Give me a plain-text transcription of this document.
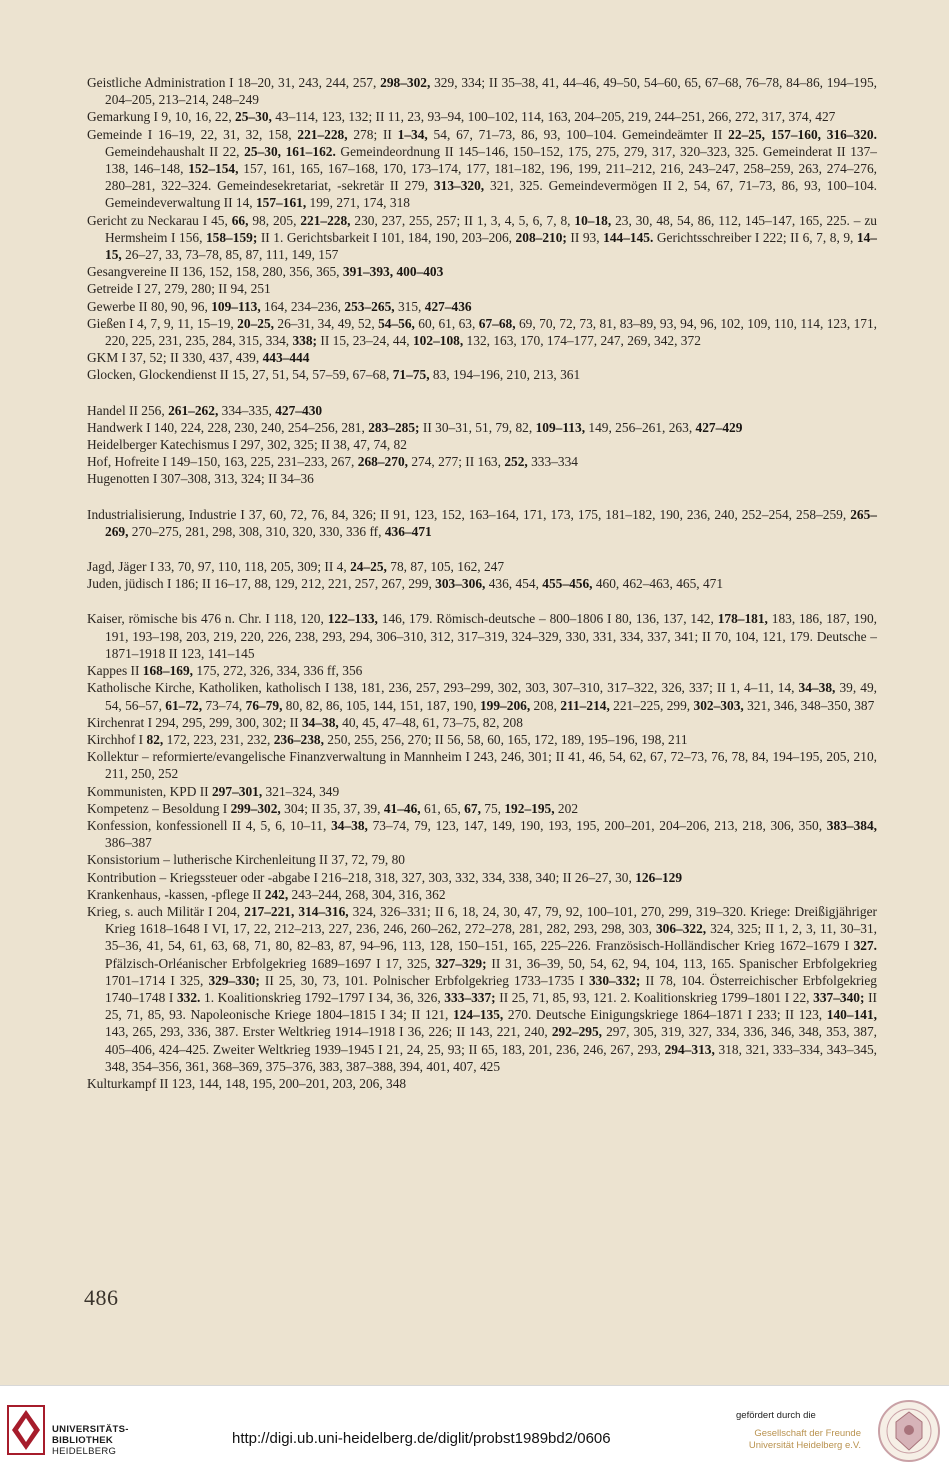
Geistliche Administration I 18–20, 31, 243, 244, 257, 298–302, 329, 334; II 35–38, 41, 44–46, 49–50, 54–60, 65, 67–68, 76–78, 84–86, 194–195, 204–205, 213–214, 248–249
Gemarkung I 9, 10, 16, 22, 25–30, 43–114, 123, 132; II 11, 23, 93–94, 100–102, 114, 163, 204–205, 219, 244–251, 266, 272, 317, 374, 427
Gemeinde I 16–19, 22, 31, 32, 158, 221–228, 278; II 1–34, 54, 67, 71–73, 86, 93, 100–104. Gemeindeämter II 22–25, 157–160, 316–320. Gemeindehaushalt II 22, 25–30, 161–162. Gemeindeordnung II 145–146, 150–152, 175, 275, 279, 317, 320–323, 325. Gemeinderat II 137–138, 146–148, 152–154, 157, 161, 165, 167–168, 170, 173–174, 177, 181–182, 196, 199, 211–212, 216, 243–247, 258–259, 263, 274–276, 280–281, 322–324. Gemeindesekretariat, -sekretär II 279, 313–320, 321, 325. Gemeindevermögen II 2, 54, 67, 71–73, 86, 93, 100–104. Gemeindeverwaltung II 14, 157–161, 199, 271, 174, 318
Gericht zu Neckarau I 45, 66, 98, 205, 221–228, 230, 237, 255, 257; II 1, 3, 4, 5, 6, 7, 8, 10–18, 23, 30, 48, 54, 86, 112, 145–147, 165, 225. – zu Hermsheim I 156, 158–159; II 1. Gerichtsbarkeit I 101, 184, 190, 203–206, 208–210; II 93, 144–145. Gerichtsschreiber I 222; II 6, 7, 8, 9, 14–15, 26–27, 33, 73–78, 85, 87, 111, 149, 157
Gesangvereine II 136, 152, 158, 280, 356, 365, 391–393, 400–403
Getreide I 27, 279, 280; II 94, 251
Gewerbe II 80, 90, 96, 109–113, 164, 234–236, 253–265, 315, 427–436
Gießen I 4, 7, 9, 11, 15–19, 20–25, 26–31, 34, 49, 52, 54–56, 60, 61, 63, 67–68, 69, 70, 72, 73, 81, 83–89, 93, 94, 96, 102, 109, 110, 114, 123, 171, 220, 225, 231, 235, 284, 315, 334, 338; II 15, 23–24, 44, 102–108, 132, 163, 170, 174–177, 247, 269, 342, 372
GKM I 37, 52; II 330, 437, 439, 443–444
Glocken, Glockendienst II 15, 27, 51, 54, 57–59, 67–68, 71–75, 83, 194–196, 210, 213, 361
Handel II 256, 261–262, 334–335, 427–430
Handwerk I 140, 224, 228, 230, 240, 254–256, 281, 283–285; II 30–31, 51, 79, 82, 109–113, 149, 256–261, 263, 427–429
Heidelberger Katechismus I 297, 302, 325; II 38, 47, 74, 82
Hof, Hofreite I 149–150, 163, 225, 231–233, 267, 268–270, 274, 277; II 163, 252, 333–334
Hugenotten I 307–308, 313, 324; II 34–36
Industrialisierung, Industrie I 37, 60, 72, 76, 84, 326; II 91, 123, 152, 163–164, 171, 173, 175, 181–182, 190, 236, 240, 252–254, 258–259, 265–269, 270–275, 281, 298, 308, 310, 320, 330, 336 ff, 436–471
Jagd, Jäger I 33, 70, 97, 110, 118, 205, 309; II 4, 24–25, 78, 87, 105, 162, 247
Juden, jüdisch I 186; II 16–17, 88, 129, 212, 221, 257, 267, 299, 303–306, 436, 454, 455–456, 460, 462–463, 465, 471
Kaiser, römische bis 476 n. Chr. I 118, 120, 122–133, 146, 179. Römisch-deutsche – 800–1806 I 80, 136, 137, 142, 178–181, 183, 186, 187, 190, 191, 193–198, 203, 219, 220, 226, 238, 293, 294, 306–310, 312, 317–319, 324–329, 330, 331, 334, 337, 341; II 70, 104, 121, 179. Deutsche – 1871–1918 II 123, 141–145
Kappes II 168–169, 175, 272, 326, 334, 336 ff, 356
Katholische Kirche, Katholiken, katholisch I 138, 181, 236, 257, 293–299, 302, 303, 307–310, 317–322, 326, 337; II 1, 4–11, 14, 34–38, 39, 49, 54, 56–57, 61–72, 73–74, 76–79, 80, 82, 86, 105, 144, 151, 187, 190, 199–206, 208, 211–214, 221–225, 299, 302–303, 321, 346, 348–350, 387
Kirchenrat I 294, 295, 299, 300, 302; II 34–38, 40, 45, 47–48, 61, 73–75, 82, 208
Kirchhof I 82, 172, 223, 231, 232, 236–238, 250, 255, 256, 270; II 56, 58, 60, 165, 172, 189, 195–196, 198, 211
Kollektur – reformierte/evangelische Finanzverwaltung in Mannheim I 243, 246, 301; II 41, 46, 54, 62, 67, 72–73, 76, 78, 84, 194–195, 205, 210, 211, 250, 252
Kommunisten, KPD II 297–301, 321–324, 349
Kompetenz – Besoldung I 299–302, 304; II 35, 37, 39, 41–46, 61, 65, 67, 75, 192–195, 202
Konfession, konfessionell II 4, 5, 6, 10–11, 34–38, 73–74, 79, 123, 147, 149, 190, 193, 195, 200–201, 204–206, 213, 218, 306, 350, 383–384, 386–387
Konsistorium – lutherische Kirchenleitung II 37, 72, 79, 80
Kontribution – Kriegssteuer oder -abgabe I 216–218, 318, 327, 303, 332, 334, 338, 340; II 26–27, 30, 126–129
Krankenhaus, -kassen, -pflege II 242, 243–244, 268, 304, 316, 362
Krieg, s. auch Militär I 204, 217–221, 314–316, 324, 326–331; II 6, 18, 24, 30, 47, 79, 92, 100–101, 270, 299, 319–320. Kriege: Dreißigjähriger Krieg 1618–1648 I VI, 17, 22, 212–213, 227, 236, 246, 260–262, 272–278, 281, 282, 293, 298, 303, 306–322, 324, 325; II 1, 2, 3, 11, 30–31, 35–36, 41, 54, 61, 63, 68, 71, 80, 82–83, 87, 94–96, 113, 128, 150–151, 165, 225–226. Französisch-Holländischer Krieg 1672–1679 I 327. Pfälzisch-Orléanischer Erbfolgekrieg 1689–1697 I 17, 325, 327–329; II 31, 36–39, 50, 54, 62, 94, 104, 113, 165. Spanischer Erbfolgekrieg 1701–1714 I 325, 329–330; II 25, 30, 73, 101. Polnischer Erbfolgekrieg 1733–1735 I 330–332; II 78, 104. Österreichischer Erbfolgekrieg 1740–1748 I 332. 1. Koalitionskrieg 1792–1797 I 34, 36, 326, 333–337; II 25, 71, 85, 93, 121. 2. Koalitionskrieg 1799–1801 I 22, 337–340; II 25, 71, 85, 93. Napoleonische Kriege 1804–1815 I 34; II 121, 124–135, 270. Deutsche Einigungskriege 1864–1871 I 233; II 123, 140–141, 143, 265, 293, 336, 387. Erster Weltkrieg 1914–1918 I 36, 226; II 143, 221, 240, 292–295, 297, 305, 319, 327, 334, 336, 346, 348, 353, 387, 405–406, 424–425. Zweiter Weltkrieg 1939–1945 I 21, 24, 25, 93; II 65, 183, 201, 236, 246, 267, 293, 294–313, 318, 321, 333–334, 343–345, 348, 354–356, 361, 368–369, 375–376, 383, 387–388, 394, 401, 407, 425
Kulturkampf II 123, 144, 148, 195, 200–201, 203, 206, 348
486
UNIVERSITÄTS-
BIBLIOTHEK
HEIDELBERG
http://digi.ub.uni-heidelberg.de/diglit/probst1989bd2/0606
gefördert durch die
Gesellschaft der Freunde
Universität Heidelberg e.V.
